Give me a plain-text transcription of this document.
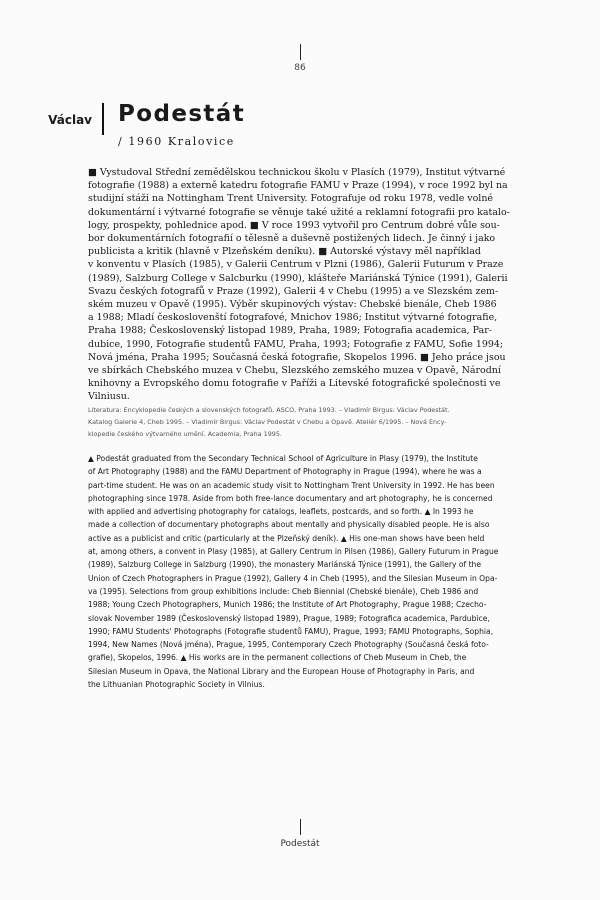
86
Václav Podestát
/ 1960 Kralovice

■ Vystudoval Střední zemědělskou technickou školu v Plasích (1979), Institut výtvarné
fotografie (1988) a externě katedru fotografie FAMU v Praze (1994), v roce 1992 byl na
studijní stáži na Nottingham Trent University. Fotografuje od roku 1978, vedle volné
dokumentární i výtvarné fotografie se věnuje také užité a reklamní fotografii pro katalo-
logy, prospekty, pohlednice apod. ■ V roce 1993 vytvořil pro Centrum dobré vůle sou-
bor dokumentárních fotografií o tělesně a duševně postižených lidech. Je činný i jako
publicista a kritik (hlavně v Plzeňském deníku). ■ Autorské výstavy měl například
v konventu v Plasích (1985), v Galerii Centrum v Plzni (1986), Galerii Futurum v Praze
(1989), Salzburg College v Salcburku (1990), klášteře Mariánská Týnice (1991), Galerii
Svazu českých fotografů v Praze (1992), Galerii 4 v Chebu (1995) a ve Slezském zem-
ském muzeu v Opavě (1995). Výběr skupinových výstav: Chebské bienále, Cheb 1986
a 1988; Mladí českoslovenští fotografové, Mnichov 1986; Institut výtvarné fotografie,
Praha 1988; Československý listopad 1989, Praha, 1989; Fotografia academica, Par-
dubice, 1990, Fotografie studentů FAMU, Praha, 1993; Fotografie z FAMU, Sofie 1994;
Nová jména, Praha 1995; Současná česká fotografie, Skopelos 1996. ■ Jeho práce jsou
ve sbírkách Chebského muzea v Chebu, Slezského zemského muzea v Opavě, Národní
knihovny a Evropského domu fotografie v Paříži a Litevské fotografické společnosti ve
Vilniusu.

Literatura: Encyklopedie českých a slovenských fotografů, ASCO, Praha 1993. – Vladimír Birgus: Václav Podestát.
Katalog Galerie 4, Cheb 1995. – Vladimír Birgus: Václav Podestát v Chebu a Opavě. Ateliér 6/1995. – Nová Ency-
klopedie českého výtvarného umění. Academia, Praha 1995.

▲ Podestát graduated from the Secondary Technical School of Agriculture in Plasy (1979), the Institute
of Art Photography (1988) and the FAMU Department of Photography in Prague (1994), where he was a
part-time student. He was on an academic study visit to Nottingham Trent University in 1992. He has been
photographing since 1978. Aside from both free-lance documentary and art photography, he is concerned
with applied and advertising photography for catalogs, leaflets, postcards, and so forth. ▲ In 1993 he
made a collection of documentary photographs about mentally and physically disabled people. He is also
active as a publicist and critic (particularly at the Plzeňský deník). ▲ His one-man shows have been held
at, among others, a convent in Plasy (1985), at Gallery Centrum in Pilsen (1986), Gallery Futurum in Prague
(1989), Salzburg College in Salzburg (1990), the monastery Mariánská Týnice (1991), the Gallery of the
Union of Czech Photographers in Prague (1992), Gallery 4 in Cheb (1995), and the Silesian Museum in Opa-
va (1995). Selections from group exhibitions include: Cheb Biennial (Chebské bienále), Cheb 1986 and
1988; Young Czech Photographers, Munich 1986; the Institute of Art Photography, Prague 1988; Czecho-
slovak November 1989 (Československý listopad 1989), Prague, 1989; Fotografica academica, Pardubice,
1990; FAMU Students' Photographs (Fotografie studentů FAMU), Prague, 1993; FAMU Photographs, Sophia,
1994, New Names (Nová jména), Prague, 1995, Contemporary Czech Photography (Současná česká foto-
grafie), Skopelos, 1996. ▲ His works are in the permanent collections of Cheb Museum in Cheb, the
Silesian Museum in Opava, the National Library and the European House of Photography in Paris, and
the Lithuanian Photographic Society in Vilnius.

Podestát
